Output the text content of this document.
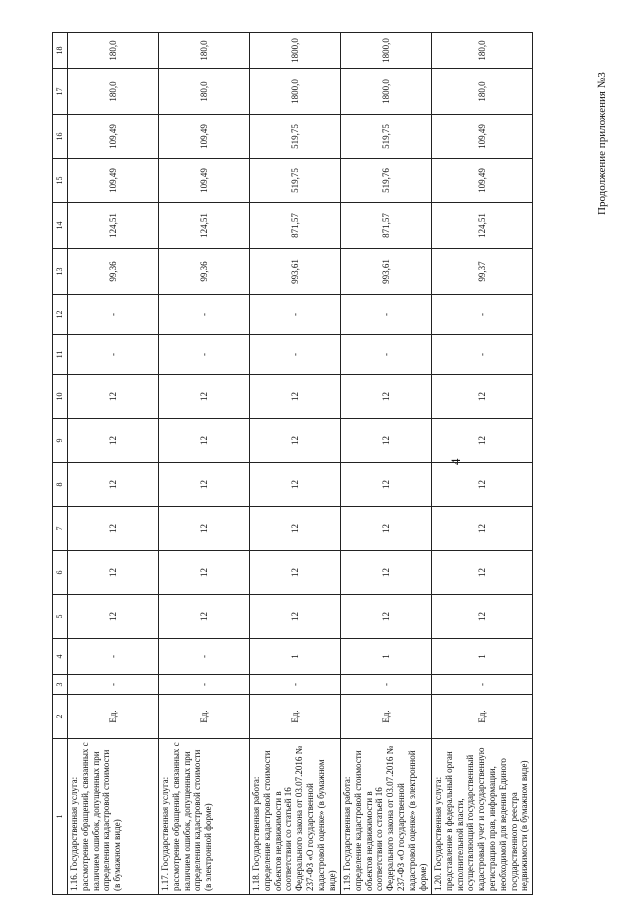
4
Продолжение приложения №3
1	2	3	4	5	6	7	8	9	10	11	12	13	14	15	16	17	18
1.16. Государственная услуга: рассмотрение обращений, связанных с наличием ошибок, допущенных при определении кадастровой стоимости (в бумажном виде)	Ед.	-	-	12	12	12	12	12	12	-	-	99,36	124,51	109,49	109,49	180,0	180,0
1.17. Государственная услуга: рассмотрение обращений, связанных с наличием ошибок, допущенных при определении кадастровой стоимости (в электронной форме)	Ед.	-	-	12	12	12	12	12	12	-	-	99,36	124,51	109,49	109,49	180,0	180,0
1.18. Государственная работа: определение кадастровой стоимости объектов недвижимости в соответствии со статьей 16 Федерального закона от 03.07.2016 № 237-ФЗ «О государственной кадастровой оценке» (в бумажном виде)	Ед.	-	1	12	12	12	12	12	12	-	-	993,61	871,57	519,75	519,75	1800,0	1800,0
1.19. Государственная работа: определение кадастровой стоимости объектов недвижимости в соответствии со статьей 16 Федерального закона от 03.07.2016 № 237-ФЗ «О государственной кадастровой оценке» (в электронной форме)	Ед.	-	1	12	12	12	12	12	12	-	-	993,61	871,57	519,76	519,75	1800,0	1800,0
1.20. Государственная услуга: представление в федеральный орган исполнительной власти, осуществляющий государственный кадастровый учет и государственную регистрацию прав, информации, необходимой для ведения Единого государственного реестра недвижимости (в бумажном виде)	Ед.	-	1	12	12	12	12	12	12	-	-	99,37	124,51	109,49	109,49	180,0	180,0
